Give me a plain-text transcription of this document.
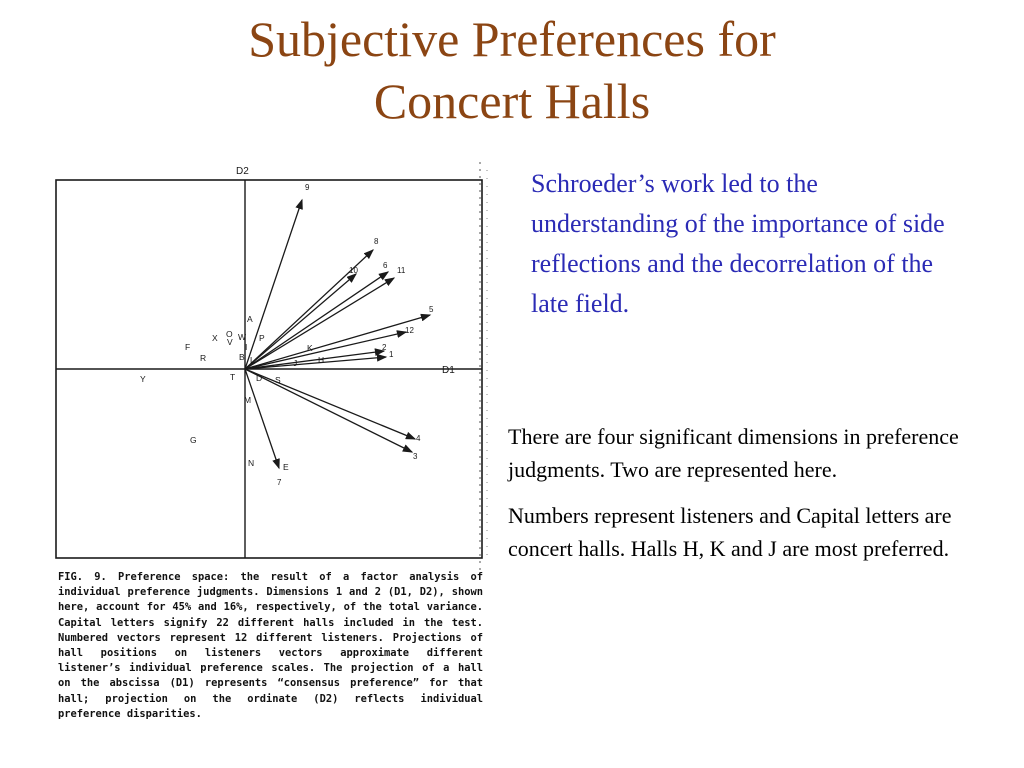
Subjective Preferences for
Concert Halls
D2
D1
9
8
10
6
11
5
12
2
1
4
3
7
A
O W P
I
X V
F
R	B L
K
H
J
Y	T D S
M
G
N	E
FIG. 9. Preference space: the result of a factor analysis of individual preference judgments. Dimensions 1 and 2 (D1, D2), shown here, account for 45% and 16%, respectively, of the total variance. Capital letters signify 22 different halls included in the test. Numbered vectors represent 12 different listeners. Projections of hall positions on listeners vectors approximate different listener’s individual preference scales. The projection of a hall on the abscissa (D1) represents “consensus preference” for that hall; projection on the ordinate (D2) reflects individual preference disparities.
Schroeder’s work led to the understanding of the importance of side reflections and the decorrelation of the late field.

There are four significant dimensions in preference judgments. Two are represented here.

Numbers represent listeners and Capital letters are concert halls. Halls H, K and J are most preferred.
